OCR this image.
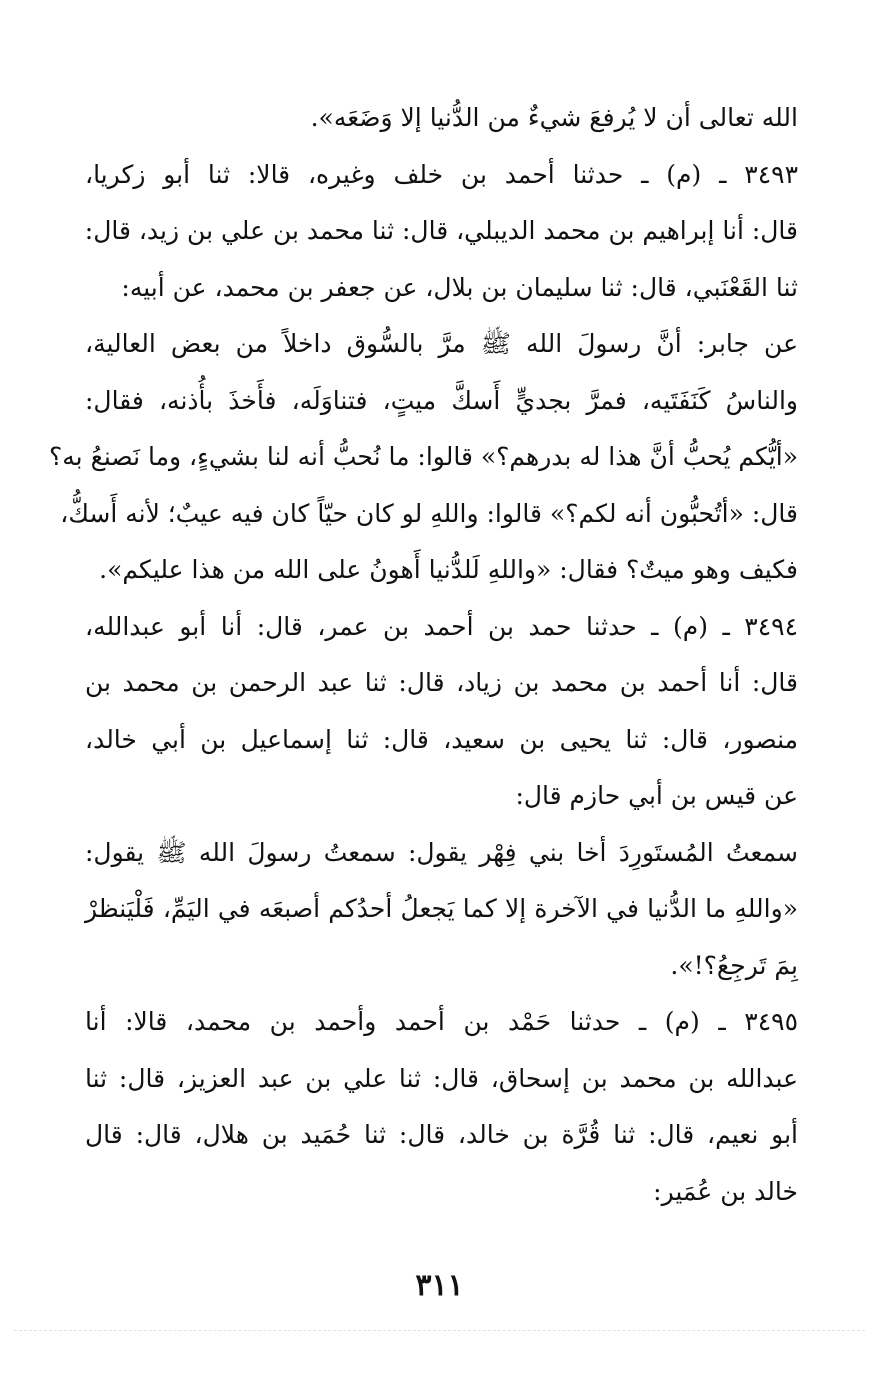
الله تعالى أن لا يُرفعَ شيءٌ من الدُّنيا إلا وَضَعَه».
٣٤٩٣ ـ (م) ـ حدثنا أحمد بن خلف وغيره، قالا: ثنا أبو زكريا،
قال: أنا إبراهيم بن محمد الديبلي، قال: ثنا محمد بن علي بن زيد، قال:
ثنا القَعْنَبي، قال: ثنا سليمان بن بلال، عن جعفر بن محمد، عن أبيه:
عن جابر: أنَّ رسولَ الله ﷺ مرَّ بالسُّوق داخلاً من بعض العالية،
والناسُ كَنَفَتَيه، فمرَّ بجديٍّ أَسكَّ ميتٍ، فتناوَلَه، فأَخذَ بأُذنه، فقال:
«أيُّكم يُحبُّ أنَّ هذا له بدرهم؟» قالوا: ما نُحبُّ أنه لنا بشيءٍ، وما نَصنعُ به؟
قال: «أتُحبُّون أنه لكم؟» قالوا: واللهِ لو كان حيّاً كان فيه عيبٌ؛ لأنه أَسكُّ،
فكيف وهو ميتٌ؟ فقال: «واللهِ لَلدُّنيا أَهونُ على الله من هذا عليكم».
٣٤٩٤ ـ (م) ـ حدثنا حمد بن أحمد بن عمر، قال: أنا أبو عبدالله،
قال: أنا أحمد بن محمد بن زياد، قال: ثنا عبد الرحمن بن محمد بن
منصور، قال: ثنا يحيى بن سعيد، قال: ثنا إسماعيل بن أبي خالد،
عن قيس بن أبي حازم قال:
سمعتُ المُستَورِدَ أخا بني فِهْر يقول: سمعتُ رسولَ الله ﷺ يقول:
«واللهِ ما الدُّنيا في الآخرة إلا كما يَجعلُ أحدُكم أصبعَه في اليَمِّ، فَلْيَنظرْ
بِمَ تَرجِعُ؟!».
٣٤٩٥ ـ (م) ـ حدثنا حَمْد بن أحمد وأحمد بن محمد، قالا: أنا
عبدالله بن محمد بن إسحاق، قال: ثنا علي بن عبد العزيز، قال: ثنا
أبو نعيم، قال: ثنا قُرَّة بن خالد، قال: ثنا حُمَيد بن هلال، قال: قال
خالد بن عُمَير:
٣١١
